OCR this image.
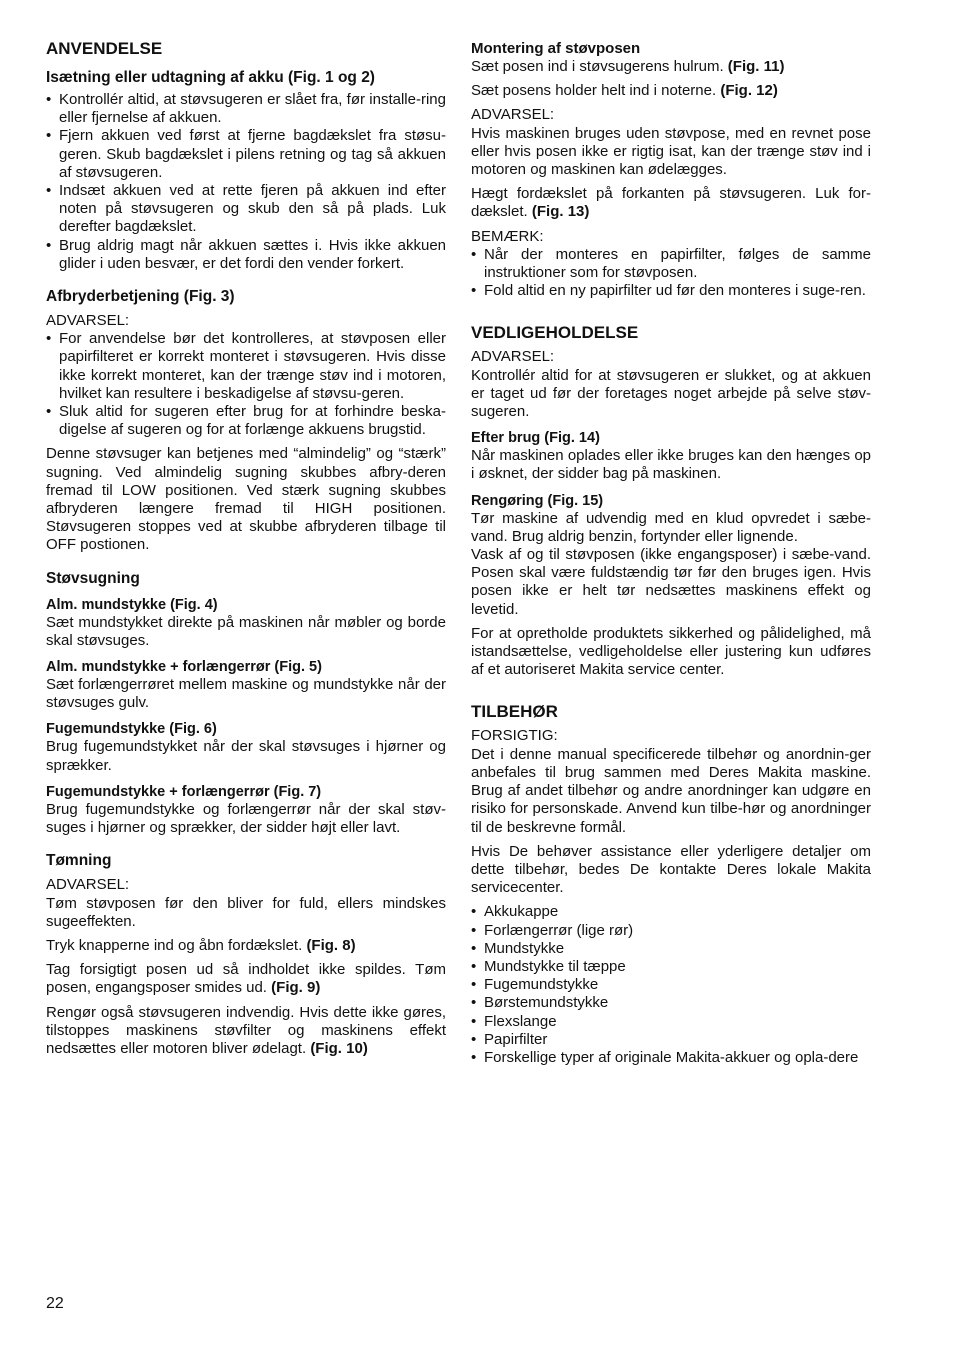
ANVENDELSE
Isætning eller udtagning af akku (Fig. 1 og 2)
• Kontrollér altid, at støvsugeren er slået fra, før installe-ring eller fjernelse af akkuen.
• Fjern akkuen ved først at fjerne bagdækslet fra støsu-geren. Skub bagdækslet i pilens retning og tag så akkuen af støvsugeren.
• Indsæt akkuen ved at rette fjeren på akkuen ind efter noten på støvsugeren og skub den så på plads. Luk derefter bagdækslet.
• Brug aldrig magt når akkuen sættes i. Hvis ikke akkuen glider i uden besvær, er det fordi den vender forkert.
Afbryderbetjening (Fig. 3)
ADVARSEL:
• For anvendelse bør det kontrolleres, at støvposen eller papirfilteret er korrekt monteret i støvsugeren. Hvis disse ikke korrekt monteret, kan der trænge støv ind i motoren, hvilket kan resultere i beskadigelse af støvsu-geren.
• Sluk altid for sugeren efter brug for at forhindre beska-digelse af sugeren og for at forlænge akkuens brugstid.
Denne støvsuger kan betjenes med “almindelig” og “stærk” sugning. Ved almindelig sugning skubbes afbry-deren fremad til LOW positionen. Ved stærk sugning skubbes afbryderen længere fremad til HIGH positionen. Støvsugeren stoppes ved at skubbe afbryderen tilbage til OFF postionen.
Støvsugning
Alm. mundstykke (Fig. 4)
Sæt mundstykket direkte på maskinen når møbler og borde skal støvsuges.
Alm. mundstykke + forlængerrør (Fig. 5)
Sæt forlængerrøret mellem maskine og mundstykke når der støvsuges gulv.
Fugemundstykke (Fig. 6)
Brug fugemundstykket når der skal støvsuges i hjørner og sprækker.
Fugemundstykke + forlængerrør (Fig. 7)
Brug fugemundstykke og forlængerrør når der skal støv-suges i hjørner og sprækker, der sidder højt eller lavt.
Tømning
ADVARSEL:
Tøm støvposen før den bliver for fuld, ellers mindskes sugeeffekten.
Tryk knapperne ind og åbn fordækslet. (Fig. 8)
Tag forsigtigt posen ud så indholdet ikke spildes. Tøm posen, engangsposer smides ud. (Fig. 9)
Rengør også støvsugeren indvendig. Hvis dette ikke gøres, tilstoppes maskinens støvfilter og maskinens effekt nedsættes eller motoren bliver ødelagt. (Fig. 10)
Montering af støvposen
Sæt posen ind i støvsugerens hulrum. (Fig. 11)
Sæt posens holder helt ind i noterne. (Fig. 12)
ADVARSEL:
Hvis maskinen bruges uden støvpose, med en revnet pose eller hvis posen ikke er rigtig isat, kan der trænge støv ind i motoren og maskinen kan ødelægges.
Hægt fordækslet på forkanten på støvsugeren. Luk for-dækslet. (Fig. 13)
BEMÆRK:
• Når der monteres en papirfilter, følges de samme instruktioner som for støvposen.
• Fold altid en ny papirfilter ud før den monteres i suge-ren.
VEDLIGEHOLDELSE
ADVARSEL:
Kontrollér altid for at støvsugeren er slukket, og at akkuen er taget ud før der foretages noget arbejde på selve støv-sugeren.
Efter brug (Fig. 14)
Når maskinen oplades eller ikke bruges kan den hænges op i øsknet, der sidder bag på maskinen.
Rengøring (Fig. 15)
Tør maskine af udvendig med en klud opvredet i sæbe-vand. Brug aldrig benzin, fortynder eller lignende.
Vask af og til støvposen (ikke engangsposer) i sæbe-vand. Posen skal være fuldstændig tør før den bruges igen. Hvis posen ikke er helt tør nedsættes maskinens effekt og levetid.
For at opretholde produktets sikkerhed og pålidelighed, må istandsættelse, vedligeholdelse eller justering kun udføres af et autoriseret Makita service center.
TILBEHØR
FORSIGTIG:
Det i denne manual specificerede tilbehør og anordnin-ger anbefales til brug sammen med Deres Makita maskine. Brug af andet tilbehør og andre anordninger kan udgøre en risiko for personskade. Anvend kun tilbe-hør og anordninger til de beskrevne formål.
Hvis De behøver assistance eller yderligere detaljer om dette tilbehør, bedes De kontakte Deres lokale Makita servicecenter.
• Akkukappe
• Forlængerrør (lige rør)
• Mundstykke
• Mundstykke til tæppe
• Fugemundstykke
• Børstemundstykke
• Flexslange
• Papirfilter
• Forskellige typer af originale Makita-akkuer og opla-dere
22
